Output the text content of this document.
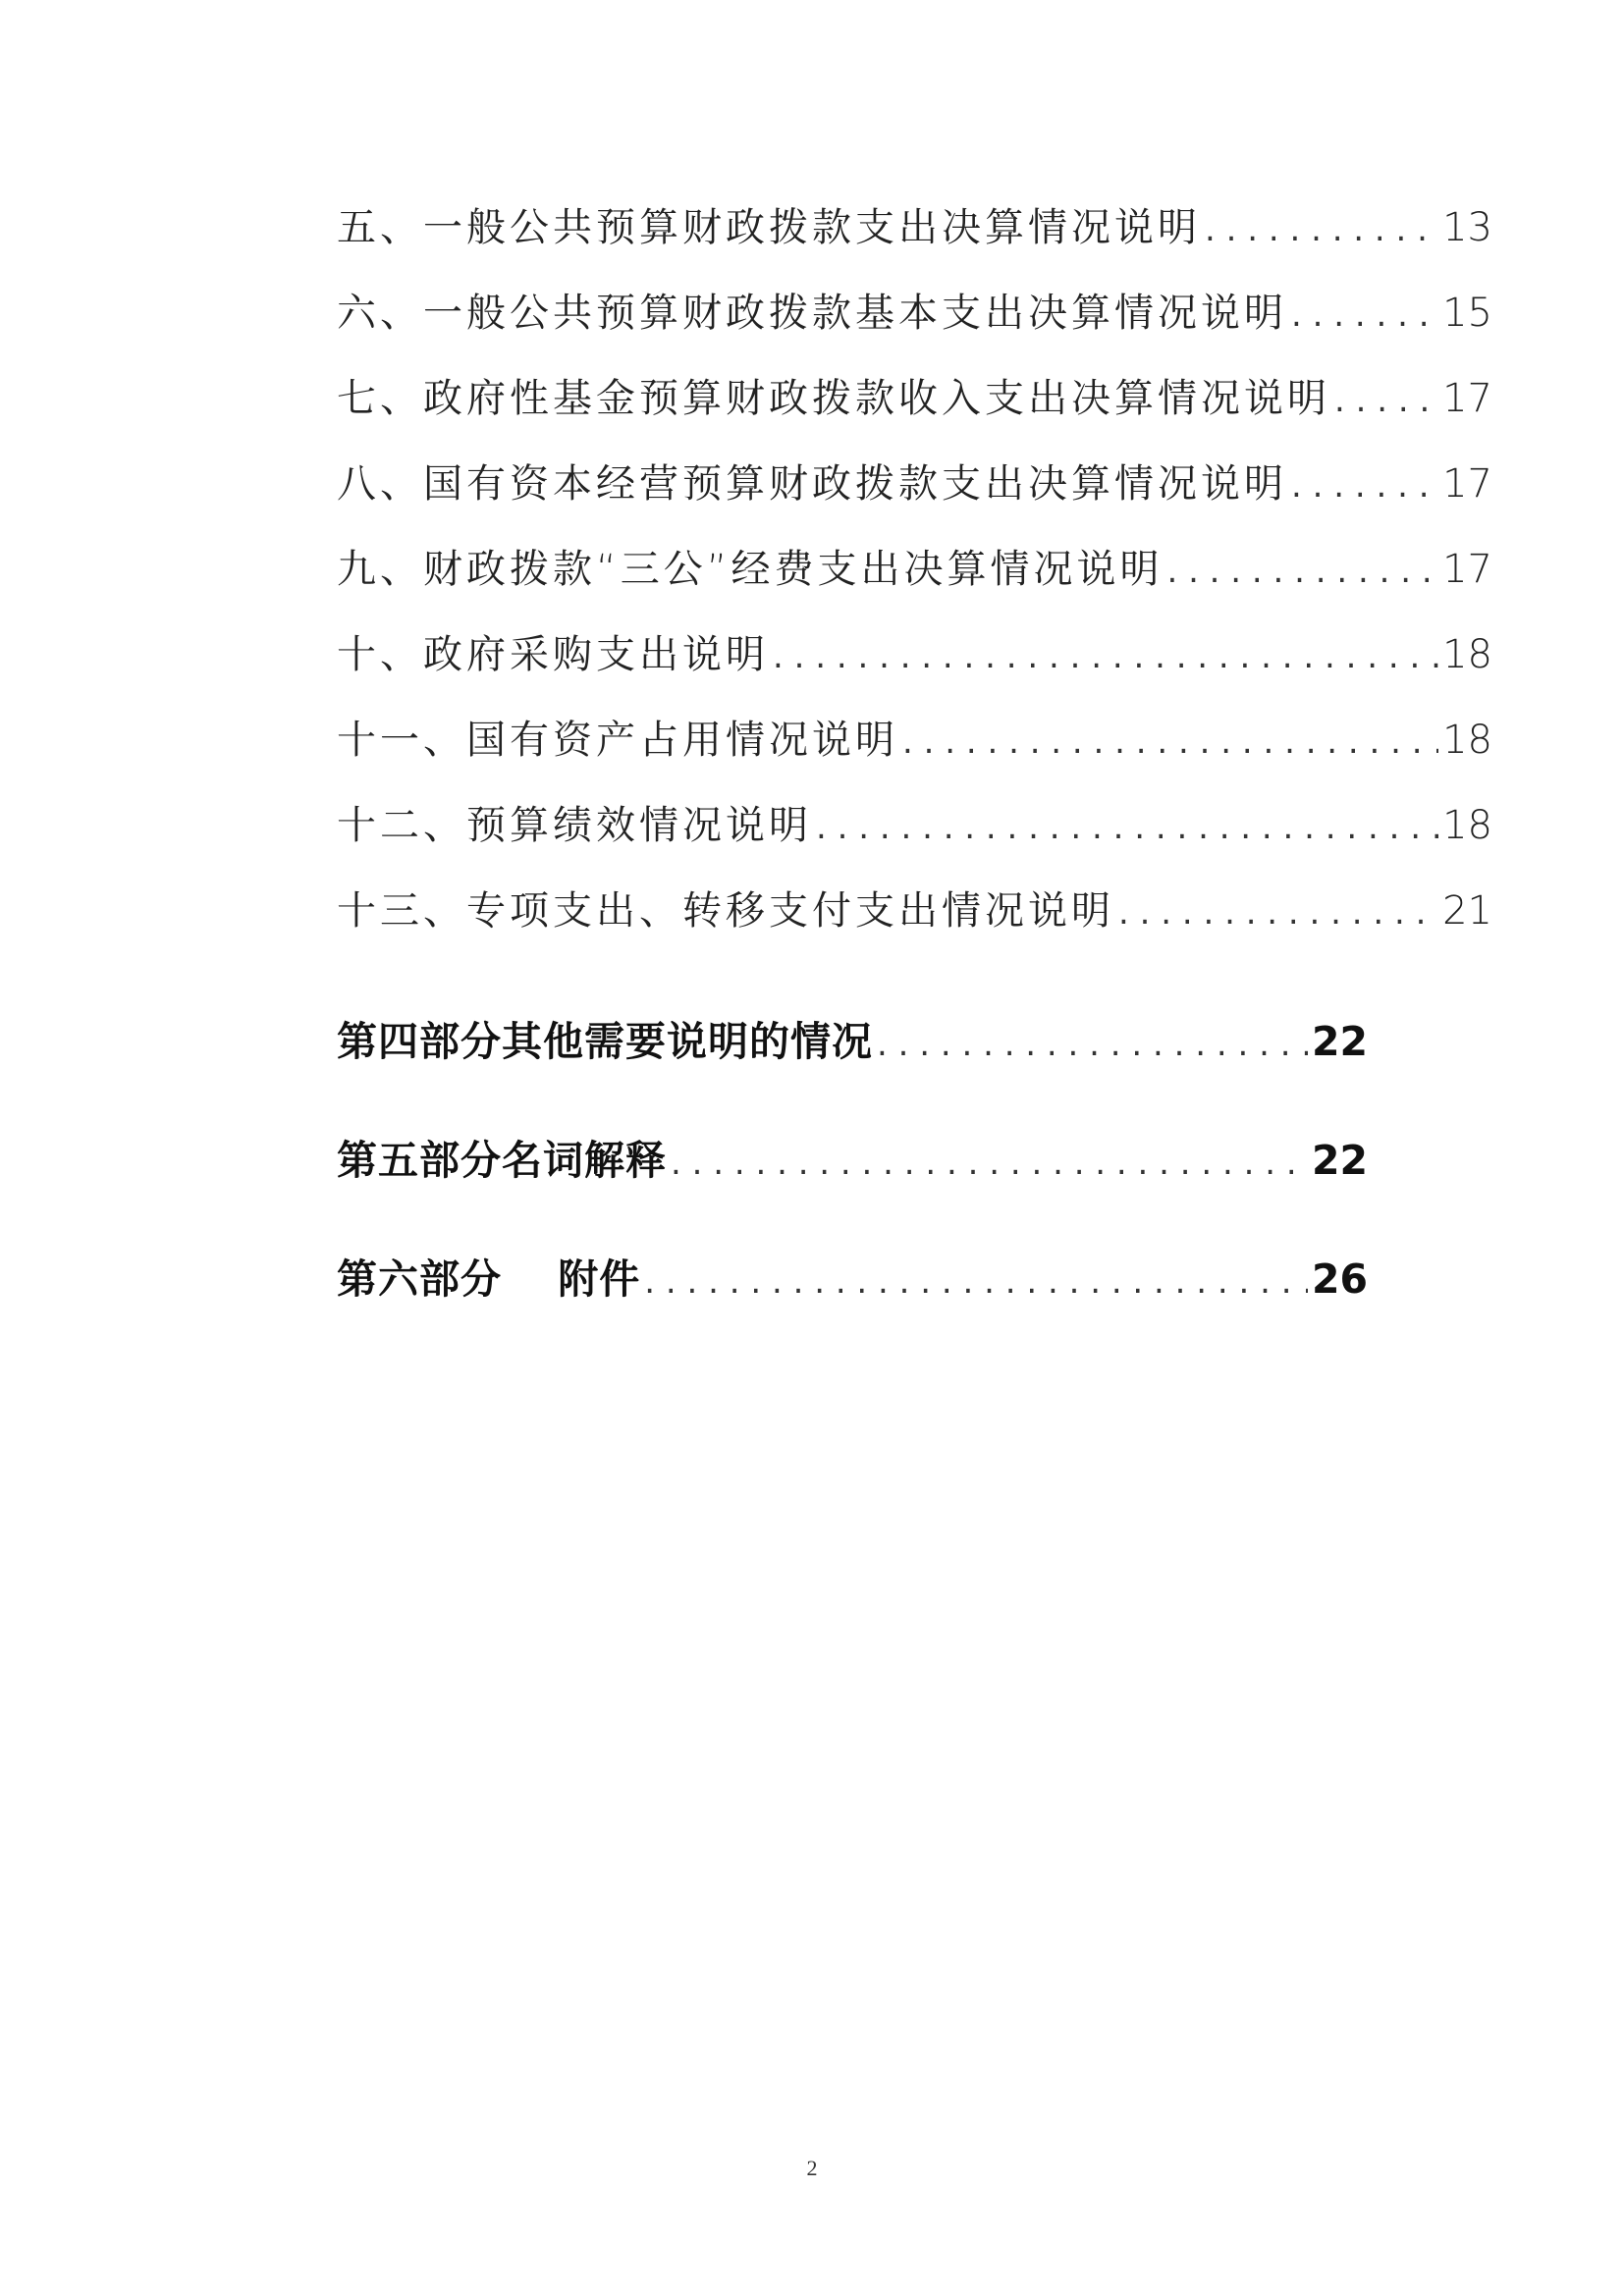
五、一般公共预算财政拨款支出决算情况说明 . . .	13
六、一般公共预算财政拨款基本支出决算情况说明 . . .	15
七、政府性基金预算财政拨款收入支出决算情况说明 . . .	17
八、国有资本经营预算财政拨款支出决算情况说明 . . .	17
九、财政拨款“三公”经费支出决算情况说明 . . .	17
十、政府采购支出说明 . . .	18
十一、国有资产占用情况说明 . . .	18
十二、预算绩效情况说明 . . .	18
十三、专项支出、转移支付支出情况说明 . . .	21
第四部分其他需要说明的情况 . . .	22
第五部分名词解释 . . .	22
第六部分　 附件 . . .	26
2
